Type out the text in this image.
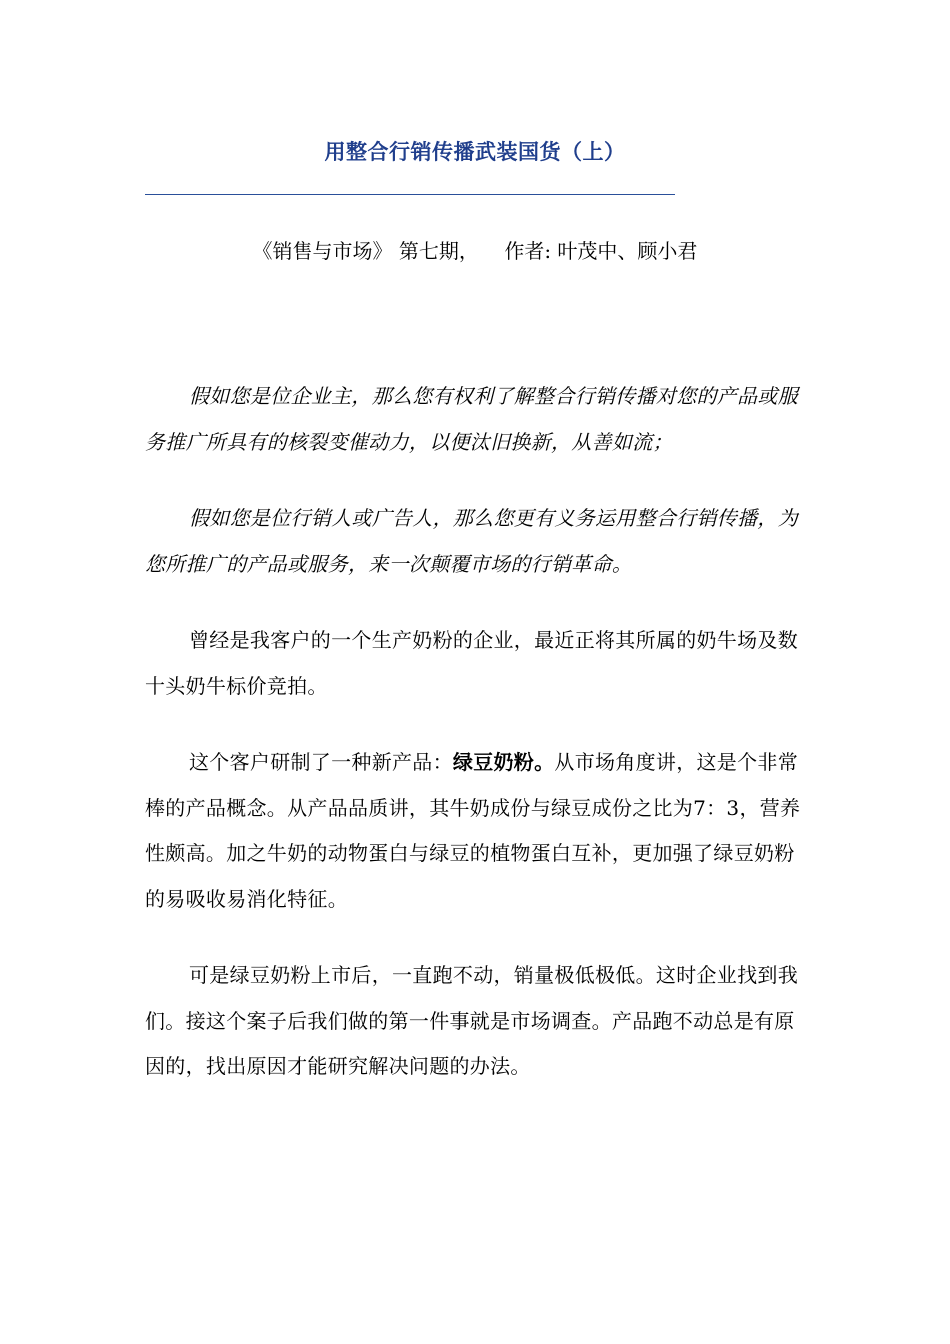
用整合行销传播武装国货（上）
《销售与市场》 第七期，    作者: 叶茂中、顾小君

假如您是位企业主，那么您有权利了解整合行销传播对您的产品或服务推广所具有的核裂变催动力，以便汰旧换新，从善如流；

假如您是位行销人或广告人，那么您更有义务运用整合行销传播，为您所推广的产品或服务，来一次颠覆市场的行销革命。

曾经是我客户的一个生产奶粉的企业，最近正将其所属的奶牛场及数十头奶牛标价竞拍。

这个客户研制了一种新产品：绿豆奶粉。从市场角度讲，这是个非常棒的产品概念。从产品品质讲，其牛奶成份与绿豆成份之比为7：3，营养性颇高。加之牛奶的动物蛋白与绿豆的植物蛋白互补，更加强了绿豆奶粉的易吸收易消化特征。

可是绿豆奶粉上市后，一直跑不动，销量极低极低。这时企业找到我们。接这个案子后我们做的第一件事就是市场调查。产品跑不动总是有原因的，找出原因才能研究解决问题的办法。
